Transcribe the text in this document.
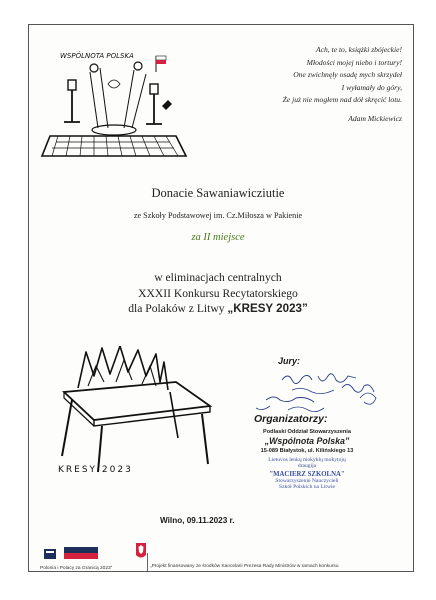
WSPÓLNOTA POLSKA
Ach, te to, książki zbójeckie!
Młodości mojej niebo i tortury!
One zwichnęły osadę mych skrzydeł
I wyłamały do góry,
Że już nie mogłem nad dół skręcić lotu.
Adam Mickiewicz
Donacie Sawaniawicziutie
ze Szkoły Podstawowej im. Cz.Miłosza w Pakienie
za II miejsce
w eliminacjach centralnych
XXXII Konkursu Recytatorskiego
dla Polaków z Litwy „KRESY 2023”
KRESY 2023
Jury:
Organizatorzy:
Podlaski Oddział Stowarzyszenia
„Wspólnota Polska”
15-089 Białystok, ul. Kilińskiego 13
Lietuvos lenkų mokyklų mokytojų
draugija
"MACIERZ SZKOLNA"
Stowarzyszenie Nauczycieli
Szkół Polskich na Litwie
Wilno, 09.11.2023 r.
Polonia i Polacy za Granicą 2023”	„Projekt finansowany ze środków Kancelarii Prezesa Rady Ministrów w ramach konkursu
